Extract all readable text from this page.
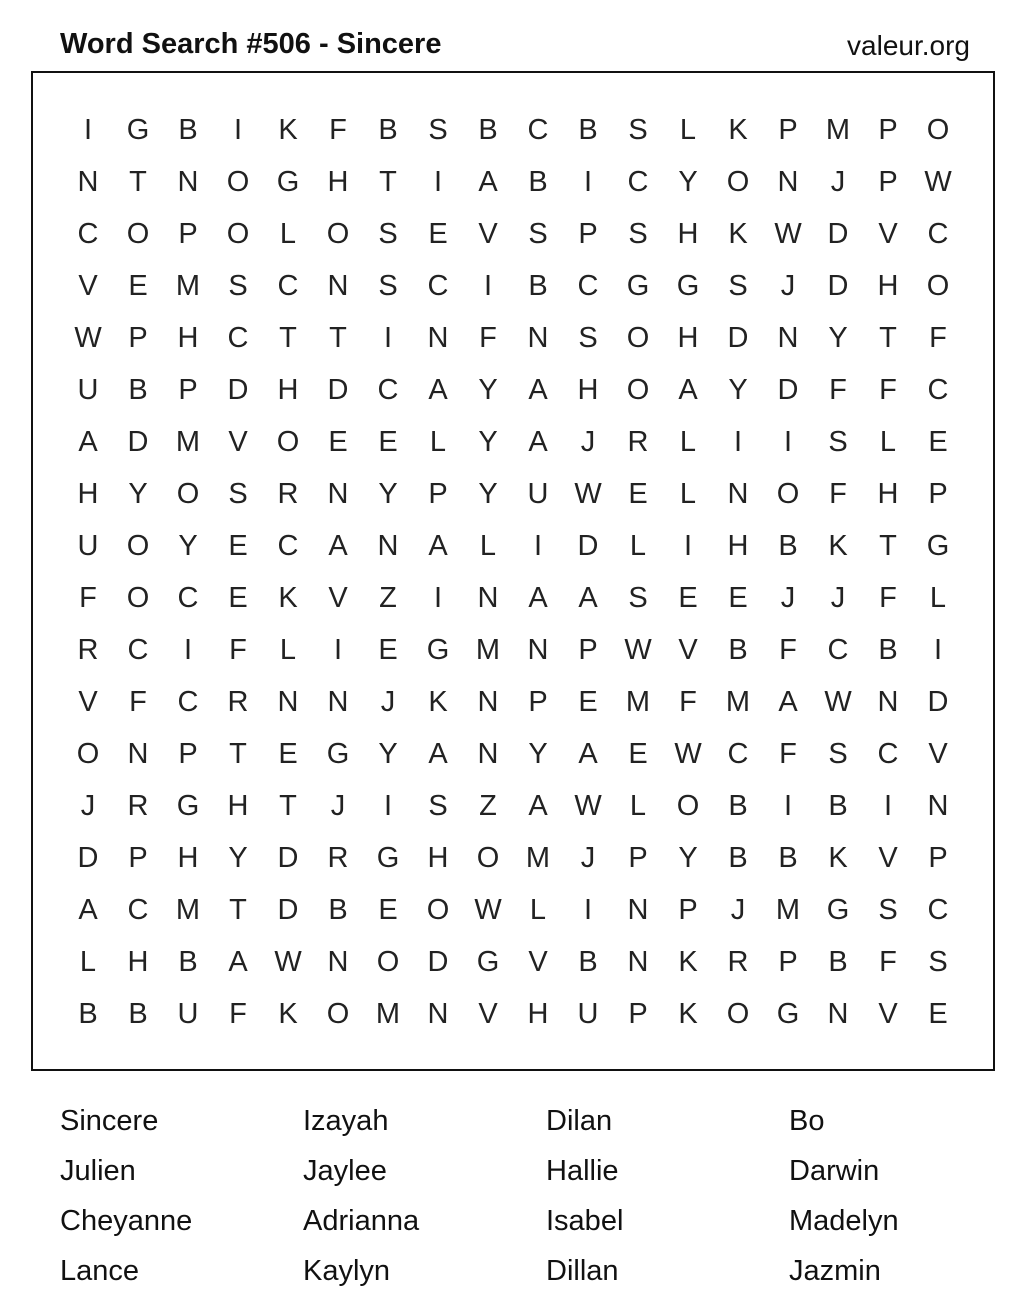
Word Search #506 - Sincere	valeur.org
I	G	B	I	K	F	B	S	B	C	B	S	L	K	P M P	O
N	T	N O G H	T	I	A	B	I	C	Y	O N	J	P W
C O	P	O	L	O	S	E	V	S	P	S	H	K W D	V	C
V	E M S	C	N	S	C	I	B	C G G	S	J	D	H O
W P	H	C	T	T	I	N	F	N	S	O H	D	N	Y	T	F
U	B	P	D	H	D	C	A	Y	A	H O	A	Y	D	F	F	C
A	D M V	O	E	E	L	Y	A	J	R	L	I	I	S	L	E
H	Y	O	S	R	N	Y	P	Y	U W E	L	N O	F	H	P
U O	Y	E	C	A	N	A	L	I	D	L	I	H	B	K	T	G
F	O C	E	K	V	Z	I	N	A	A	S	E	E	J	J	F	L
R	C	I	F	L	I	E	G M N	P W V	B	F	C	B	I
V	F	C	R	N	N	J	K	N	P	E M	F	M A W N	D
O N	P	T	E	G	Y	A	N	Y	A	E W C	F	S	C	V
J	R G H	T	J	I	S	Z	A W L	O	B	I	B	I	N
D	P	H	Y	D	R G H O M	J	P	Y	B	B	K	V	P
A	C M	T	D	B	E	O W L	I	N	P	J	M G	S	C
L	H	B	A W N O D G	V	B	N	K	R	P	B	F	S
B	B	U	F	K	O M N	V	H	U	P	K	O G N	V	E
Sincere	Izayah	Dilan	Bo
Julien	Jaylee	Hallie	Darwin
Cheyanne	Adrianna	Isabel	Madelyn
Lance	Kaylyn	Dillan	Jazmin
